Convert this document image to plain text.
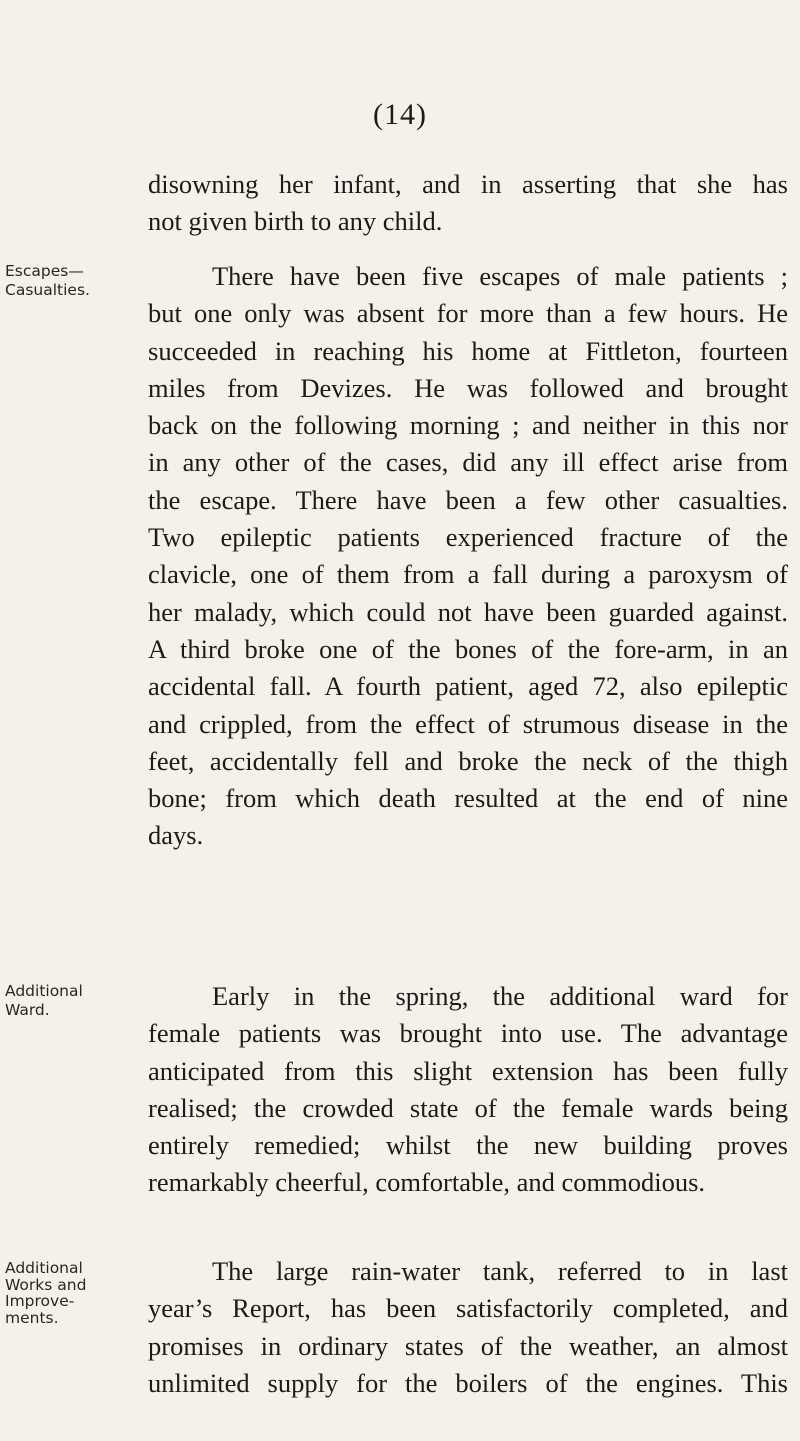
(14)
Escapes—
Casualties.
Additional
Ward.
Additional
Works and
Improve-
ments.
disowning her infant, and in asserting that she has
not given birth to any child.
There have been five escapes of male patients ;
but one only was absent for more than a few hours. He
succeeded in reaching his home at Fittleton, fourteen
miles from Devizes. He was followed and brought
back on the following morning ; and neither in this nor
in any other of the cases, did any ill effect arise from
the escape. There have been a few other casualties.
Two epileptic patients experienced fracture of the
clavicle, one of them from a fall during a paroxysm of
her malady, which could not have been guarded against.
A third broke one of the bones of the fore-arm, in an
accidental fall. A fourth patient, aged 72, also epileptic
and crippled, from the effect of strumous disease in the
feet, accidentally fell and broke the neck of the thigh
bone; from which death resulted at the end of nine
days.
Early in the spring, the additional ward for
female patients was brought into use. The advantage
anticipated from this slight extension has been fully
realised; the crowded state of the female wards being
entirely remedied; whilst the new building proves
remarkably cheerful, comfortable, and commodious.
The large rain-water tank, referred to in last
year’s Report, has been satisfactorily completed, and
promises in ordinary states of the weather, an almost
unlimited supply for the boilers of the engines. This
